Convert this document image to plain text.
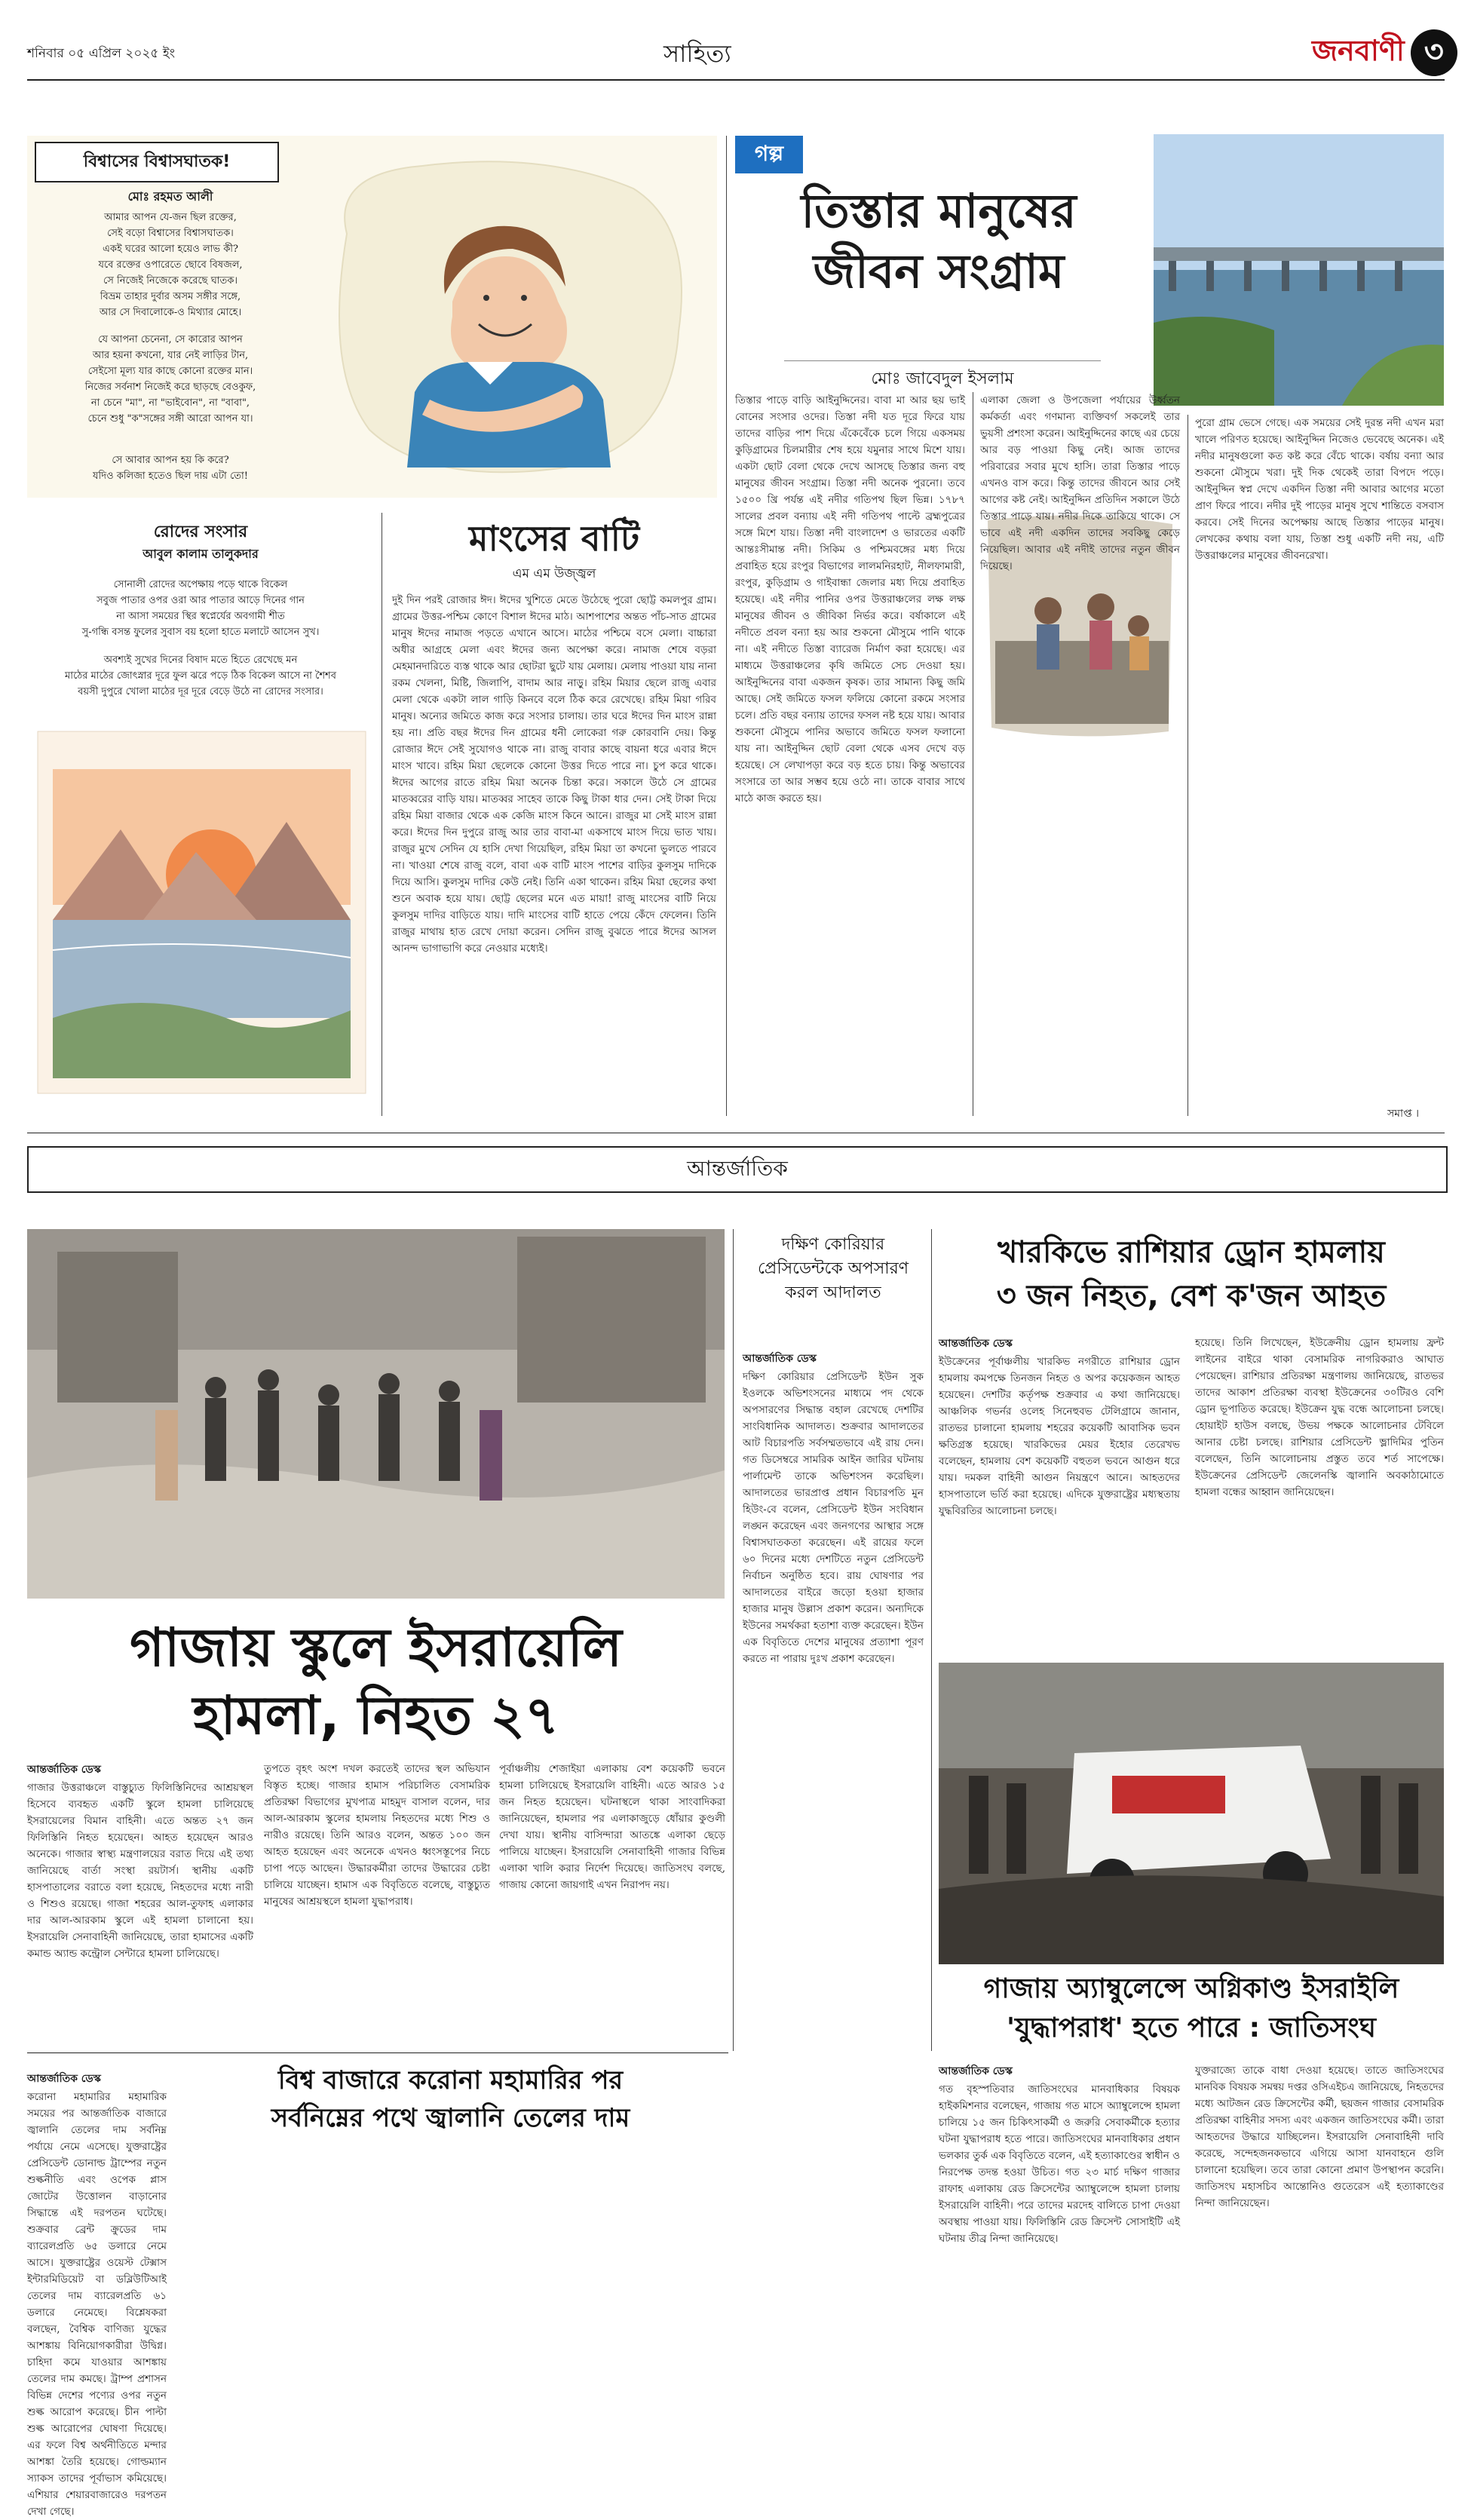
শনিবার ০৫ এপ্রিল ২০২৫ ইং	সাহিত্য	জনবাণী ৩
বিশ্বাসের বিশ্বাসঘাতক!
মোঃ রহমত আলী
আমার আপন যে-জন ছিল রক্তের,
সেই বড়ো বিশ্বাসের বিশ্বাসঘাতক।
একই ঘরের আলো হয়েও লাভ কী?
যবে রক্তের ওপারেতে ছোবে বিষজল,
সে নিজেই নিজেকে করেছে ঘাতক।
বিভ্রম তাহার দুর্বার অসম সঙ্গীর সঙ্গে,
আর সে দিবালোকে-ও মিথ্যার মোহে।
যে আপনা চেনেনা, সে কারোর আপন
আর হয়না কখনো, যার নেই লাড়ির টান,
সেইসো মূল্য যার কাছে কোনো রক্তের মান।
নিজের সর্বনাশ নিজেই করে ছাড়ছে বেওকুফ,
না চেনে "মা", না "ভাইবোন", না "বাবা",
চেনে শুধু "ক"সঙ্গের সঙ্গী আরো আপন যা।
সে আবার আপন হয় কি করে?
যদিও কলিজা হতেও ছিল দায় এটা তো!
রোদের সংসার
আবুল কালাম তালুকদার
সোনালী রোদের অপেক্ষায় পড়ে থাকে বিকেল
সবুজ পাতার ওপর ওরা আর পাতার আড়ে দিনের গান
না আসা সময়ের স্থির স্বপ্নের্যের অবগামী শীত
সু-গন্ধি বসন্ত ফুলের সুবাস বয় হলো হাতে মলাটে আসেন সুখ।
অবশ্যই সুখের দিনের বিষাদ মতে হিতে রেখেছে মন
মাঠের মাঠের জোৎস্নার দূরে ফুল ঝরে পড়ে ঠিক বিকেল আসে না শৈশব
বয়সী দুপুরে খোলা মাঠের দূর দূরে বেড়ে উঠে না রোদের সংসার।
মাংসের বাটি
এম এম উজ্জ্বল
দুই দিন পরই রোজার ঈদ। ঈদের খুশিতে মেতে উঠেছে পুরো ছোট্ট কমলপুর গ্রাম। গ্রামের উত্তর-পশ্চিম কোণে বিশাল ঈদের মাঠ। আশপাশের অন্তত পাঁচ-সাত গ্রামের মানুষ ঈদের নামাজ পড়তে এখানে আসে। মাঠের পশ্চিমে বসে মেলা। বাচ্চারা অধীর আগ্রহে মেলা এবং ঈদের জন্য অপেক্ষা করে। নামাজ শেষে বড়রা মেহমানদারিতে ব্যস্ত থাকে আর ছোটরা ছুটে যায় মেলায়। মেলায় পাওয়া যায় নানা রকম খেলনা, মিষ্টি, জিলাপি, বাদাম আর নাড়ু। রহিম মিয়ার ছেলে রাজু এবার মেলা থেকে একটা লাল গাড়ি কিনবে বলে ঠিক করে রেখেছে। রহিম মিয়া গরিব মানুষ। অন্যের জমিতে কাজ করে সংসার চালায়। তার ঘরে ঈদের দিন মাংস রান্না হয় না। প্রতি বছর ঈদের দিন গ্রামের ধনী লোকেরা গরু কোরবানি দেয়। কিন্তু রোজার ঈদে সেই সুযোগও থাকে না। রাজু বাবার কাছে বায়না ধরে এবার ঈদে মাংস খাবে। রহিম মিয়া ছেলেকে কোনো উত্তর দিতে পারে না। চুপ করে থাকে। ঈদের আগের রাতে রহিম মিয়া অনেক চিন্তা করে। সকালে উঠে সে গ্রামের মাতব্বরের বাড়ি যায়। মাতব্বর সাহেব তাকে কিছু টাকা ধার দেন। সেই টাকা দিয়ে রহিম মিয়া বাজার থেকে এক কেজি মাংস কিনে আনে। রাজুর মা সেই মাংস রান্না করে। ঈদের দিন দুপুরে রাজু আর তার বাবা-মা একসাথে মাংস দিয়ে ভাত খায়। রাজুর মুখে সেদিন যে হাসি দেখা গিয়েছিল, রহিম মিয়া তা কখনো ভুলতে পারবে না। খাওয়া শেষে রাজু বলে, বাবা এক বাটি মাংস পাশের বাড়ির কুলসুম দাদিকে দিয়ে আসি। কুলসুম দাদির কেউ নেই। তিনি একা থাকেন। রহিম মিয়া ছেলের কথা শুনে অবাক হয়ে যায়। ছোট্ট ছেলের মনে এত মায়া! রাজু মাংসের বাটি নিয়ে কুলসুম দাদির বাড়িতে যায়। দাদি মাংসের বাটি হাতে পেয়ে কেঁদে ফেলেন। তিনি রাজুর মাথায় হাত রেখে দোয়া করেন। সেদিন রাজু বুঝতে পারে ঈদের আসল আনন্দ ভাগাভাগি করে নেওয়ার মধ্যেই।
গল্প
তিস্তার মানুষের
জীবন সংগ্রাম
মোঃ জাবেদুল ইসলাম
তিস্তার পাড়ে বাড়ি আইনুদ্দিনের। বাবা মা আর ছয় ভাই বোনের সংসার ওদের। তিস্তা নদী যত দূরে ফিরে যায় তাদের বাড়ির পাশ দিয়ে এঁকেবেঁকে চলে গিয়ে একসময় কুড়িগ্রামের চিলমারীর শেষ হয়ে যমুনার সাথে মিশে যায়। একটা ছোট বেলা থেকে দেখে আসছে তিস্তার জন্য বহু মানুষের জীবন সংগ্রাম। তিস্তা নদী অনেক পুরনো। তবে ১৫০০ খ্রি পর্যন্ত এই নদীর গতিপথ ছিল ভিন্ন। ১৭৮৭ সালের প্রবল বন্যায় এই নদী গতিপথ পাল্টে ব্রহ্মপুত্রের সঙ্গে মিশে যায়। তিস্তা নদী বাংলাদেশ ও ভারতের একটি আন্তঃসীমান্ত নদী। সিকিম ও পশ্চিমবঙ্গের মধ্য দিয়ে প্রবাহিত হয়ে রংপুর বিভাগের লালমনিরহাট, নীলফামারী, রংপুর, কুড়িগ্রাম ও গাইবান্ধা জেলার মধ্য দিয়ে প্রবাহিত হয়েছে। এই নদীর পানির ওপর উত্তরাঞ্চলের লক্ষ লক্ষ মানুষের জীবন ও জীবিকা নির্ভর করে। বর্ষাকালে এই নদীতে প্রবল বন্যা হয় আর শুকনো মৌসুমে পানি থাকে না। এই নদীতে তিস্তা ব্যারেজ নির্মাণ করা হয়েছে। এর মাধ্যমে উত্তরাঞ্চলের কৃষি জমিতে সেচ দেওয়া হয়। আইনুদ্দিনের বাবা একজন কৃষক। তার সামান্য কিছু জমি আছে। সেই জমিতে ফসল ফলিয়ে কোনো রকমে সংসার চলে। প্রতি বছর বন্যায় তাদের ফসল নষ্ট হয়ে যায়। আবার শুকনো মৌসুমে পানির অভাবে জমিতে ফসল ফলানো যায় না। আইনুদ্দিন ছোট বেলা থেকে এসব দেখে বড় হয়েছে। সে লেখাপড়া করে বড় হতে চায়। কিন্তু অভাবের সংসারে তা আর সম্ভব হয়ে ওঠে না। তাকে বাবার সাথে মাঠে কাজ করতে হয়।
এলাকা জেলা ও উপজেলা পর্যায়ের উর্ধ্বতন কর্মকর্তা এবং গণমান্য ব্যক্তিবর্গ সকলেই তার ভুয়সী প্রশংসা করেন। আইনুদ্দিনের কাছে এর চেয়ে আর বড় পাওয়া কিছু নেই। আজ তাদের পরিবারের সবার মুখে হাসি। তারা তিস্তার পাড়ে এখনও বাস করে। কিন্তু তাদের জীবনে আর সেই আগের কষ্ট নেই। আইনুদ্দিন প্রতিদিন সকালে উঠে তিস্তার পাড়ে যায়। নদীর দিকে তাকিয়ে থাকে। সে ভাবে এই নদী একদিন তাদের সবকিছু কেড়ে নিয়েছিল। আবার এই নদীই তাদের নতুন জীবন দিয়েছে।
পুরো গ্রাম ভেসে গেছে। এক সময়ের সেই দুরন্ত নদী এখন মরা খালে পরিণত হয়েছে। আইনুদ্দিন নিজেও ভেবেছে অনেক। এই নদীর মানুষগুলো কত কষ্ট করে বেঁচে থাকে। বর্ষায় বন্যা আর শুকনো মৌসুমে খরা। দুই দিক থেকেই তারা বিপদে পড়ে। আইনুদ্দিন স্বপ্ন দেখে একদিন তিস্তা নদী আবার আগের মতো প্রাণ ফিরে পাবে। নদীর দুই পাড়ের মানুষ সুখে শান্তিতে বসবাস করবে। সেই দিনের অপেক্ষায় আছে তিস্তার পাড়ের মানুষ। লেখকের কথায় বলা যায়, তিস্তা শুধু একটি নদী নয়, এটি উত্তরাঞ্চলের মানুষের জীবনরেখা।
সমাপ্ত ।
আন্তর্জাতিক
গাজায় স্কুলে ইসরায়েলি
হামলা, নিহত ২৭
আন্তর্জাতিক ডেস্ক
গাজার উত্তরাঞ্চলে বাস্তুচ্যুত ফিলিস্তিনিদের আশ্রয়স্থল হিসেবে ব্যবহৃত একটি স্কুলে হামলা চালিয়েছে ইসরায়েলের বিমান বাহিনী। এতে অন্তত ২৭ জন ফিলিস্তিনি নিহত হয়েছেন। আহত হয়েছেন আরও অনেকে। গাজার স্বাস্থ্য মন্ত্রণালয়ের বরাত দিয়ে এই তথ্য জানিয়েছে বার্তা সংস্থা রয়টার্স। স্থানীয় একটি হাসপাতালের বরাতে বলা হয়েছে, নিহতদের মধ্যে নারী ও শিশুও রয়েছে। গাজা শহরের আল-তুফাহ এলাকার দার আল-আরকাম স্কুলে এই হামলা চালানো হয়। ইসরায়েলি সেনাবাহিনী জানিয়েছে, তারা হামাসের একটি কমান্ড অ্যান্ড কন্ট্রোল সেন্টারে হামলা চালিয়েছে।
তুপতে বৃহৎ অংশ দখল করতেই তাদের স্থল অভিযান বিস্তৃত হচ্ছে। গাজার হামাস পরিচালিত বেসামরিক প্রতিরক্ষা বিভাগের মুখপাত্র মাহমুদ বাসাল বলেন, দার আল-আরকাম স্কুলের হামলায় নিহতদের মধ্যে শিশু ও নারীও রয়েছে। তিনি আরও বলেন, অন্তত ১০০ জন আহত হয়েছেন এবং অনেকে এখনও ধ্বংসস্তূপের নিচে চাপা পড়ে আছেন। উদ্ধারকর্মীরা তাদের উদ্ধারের চেষ্টা চালিয়ে যাচ্ছেন। হামাস এক বিবৃতিতে বলেছে, বাস্তুচ্যুত মানুষের আশ্রয়স্থলে হামলা যুদ্ধাপরাধ।
পূর্বাঞ্চলীয় শেজাইয়া এলাকায় বেশ কয়েকটি ভবনে হামলা চালিয়েছে ইসরায়েলি বাহিনী। এতে আরও ১৫ জন নিহত হয়েছেন। ঘটনাস্থলে থাকা সাংবাদিকরা জানিয়েছেন, হামলার পর এলাকাজুড়ে ধোঁয়ার কুণ্ডলী দেখা যায়। স্থানীয় বাসিন্দারা আতঙ্কে এলাকা ছেড়ে পালিয়ে যাচ্ছেন। ইসরায়েলি সেনাবাহিনী গাজার বিভিন্ন এলাকা খালি করার নির্দেশ দিয়েছে। জাতিসংঘ বলছে, গাজায় কোনো জায়গাই এখন নিরাপদ নয়।
দক্ষিণ কোরিয়ার প্রেসিডেন্টকে অপসারণ করল আদালত
আন্তর্জাতিক ডেস্ক
দক্ষিণ কোরিয়ার প্রেসিডেন্ট ইউন সুক ইওলকে অভিশংসনের মাধ্যমে পদ থেকে অপসারণের সিদ্ধান্ত বহাল রেখেছে দেশটির সাংবিধানিক আদালত। শুক্রবার আদালতের আট বিচারপতি সর্বসম্মতভাবে এই রায় দেন। গত ডিসেম্বরে সামরিক আইন জারির ঘটনায় পার্লামেন্ট তাকে অভিশংসন করেছিল। আদালতের ভারপ্রাপ্ত প্রধান বিচারপতি মুন হিউং-বে বলেন, প্রেসিডেন্ট ইউন সংবিধান লঙ্ঘন করেছেন এবং জনগণের আস্থার সঙ্গে বিশ্বাসঘাতকতা করেছেন। এই রায়ের ফলে ৬০ দিনের মধ্যে দেশটিতে নতুন প্রেসিডেন্ট নির্বাচন অনুষ্ঠিত হবে। রায় ঘোষণার পর আদালতের বাইরে জড়ো হওয়া হাজার হাজার মানুষ উল্লাস প্রকাশ করেন। অন্যদিকে ইউনের সমর্থকরা হতাশা ব্যক্ত করেছেন। ইউন এক বিবৃতিতে দেশের মানুষের প্রত্যাশা পূরণ করতে না পারায় দুঃখ প্রকাশ করেছেন।
খারকিভে রাশিয়ার ড্রোন হামলায়
৩ জন নিহত, বেশ ক'জন আহত
আন্তর্জাতিক ডেস্ক
ইউক্রেনের পূর্বাঞ্চলীয় খারকিভ নগরীতে রাশিয়ার ড্রোন হামলায় কমপক্ষে তিনজন নিহত ও অপর কয়েকজন আহত হয়েছেন। দেশটির কর্তৃপক্ষ শুক্রবার এ কথা জানিয়েছে। আঞ্চলিক গভর্নর ওলেহ সিনেহুবভ টেলিগ্রামে জানান, রাতভর চালানো হামলায় শহরের কয়েকটি আবাসিক ভবন ক্ষতিগ্রস্ত হয়েছে। খারকিভের মেয়র ইহোর তেরেখভ বলেছেন, হামলায় বেশ কয়েকটি বহুতল ভবনে আগুন ধরে যায়। দমকল বাহিনী আগুন নিয়ন্ত্রণে আনে। আহতদের হাসপাতালে ভর্তি করা হয়েছে। এদিকে যুক্তরাষ্ট্রের মধ্যস্থতায় যুদ্ধবিরতির আলোচনা চলছে।
হয়েছে। তিনি লিখেছেন, ইউক্রেনীয় ড্রোন হামলায় ফ্রন্ট লাইনের বাইরে থাকা বেসামরিক নাগরিকরাও আঘাত পেয়েছেন। রাশিয়ার প্রতিরক্ষা মন্ত্রণালয় জানিয়েছে, রাতভর তাদের আকাশ প্রতিরক্ষা ব্যবস্থা ইউক্রেনের ৩০টিরও বেশি ড্রোন ভূপাতিত করেছে। ইউক্রেন যুদ্ধ বন্ধে আলোচনা চলছে। হোয়াইট হাউস বলছে, উভয় পক্ষকে আলোচনার টেবিলে আনার চেষ্টা চলছে। রাশিয়ার প্রেসিডেন্ট ভ্লাদিমির পুতিন বলেছেন, তিনি আলোচনায় প্রস্তুত তবে শর্ত সাপেক্ষে। ইউক্রেনের প্রেসিডেন্ট জেলেনস্কি জ্বালানি অবকাঠামোতে হামলা বন্ধের আহ্বান জানিয়েছেন।
গাজায় অ্যাম্বুলেন্সে অগ্নিকাণ্ড ইসরাইলি
'যুদ্ধাপরাধ' হতে পারে : জাতিসংঘ
আন্তর্জাতিক ডেস্ক
গত বৃহস্পতিবার জাতিসংঘের মানবাধিকার বিষয়ক হাইকমিশনার বলেছেন, গাজায় গত মাসে অ্যাম্বুলেন্সে হামলা চালিয়ে ১৫ জন চিকিৎসাকর্মী ও জরুরি সেবাকর্মীকে হত্যার ঘটনা যুদ্ধাপরাধ হতে পারে। জাতিসংঘের মানবাধিকার প্রধান ভলকার তুর্ক এক বিবৃতিতে বলেন, এই হত্যাকাণ্ডের স্বাধীন ও নিরপেক্ষ তদন্ত হওয়া উচিত। গত ২৩ মার্চ দক্ষিণ গাজার রাফাহ এলাকায় রেড ক্রিসেন্টের অ্যাম্বুলেন্সে হামলা চালায় ইসরায়েলি বাহিনী। পরে তাদের মরদেহ বালিতে চাপা দেওয়া অবস্থায় পাওয়া যায়। ফিলিস্তিনি রেড ক্রিসেন্ট সোসাইটি এই ঘটনায় তীব্র নিন্দা জানিয়েছে।
যুক্তরাজ্যে তাকে বাধা দেওয়া হয়েছে। তাতে জাতিসংঘের মানবিক বিষয়ক সমন্বয় দপ্তর ওসিএইচএ জানিয়েছে, নিহতদের মধ্যে আটজন রেড ক্রিসেন্টের কর্মী, ছয়জন গাজার বেসামরিক প্রতিরক্ষা বাহিনীর সদস্য এবং একজন জাতিসংঘের কর্মী। তারা আহতদের উদ্ধারে যাচ্ছিলেন। ইসরায়েলি সেনাবাহিনী দাবি করেছে, সন্দেহজনকভাবে এগিয়ে আসা যানবাহনে গুলি চালানো হয়েছিল। তবে তারা কোনো প্রমাণ উপস্থাপন করেনি। জাতিসংঘ মহাসচিব আন্তোনিও গুতেরেস এই হত্যাকাণ্ডের নিন্দা জানিয়েছেন।
আন্তর্জাতিক ডেস্ক	বিশ্ব বাজারে করোনা মহামারির পর
সর্বনিম্নের পথে জ্বালানি তেলের দাম
করোনা মহামারির মহামারিক সময়ের পর আন্তর্জাতিক বাজারে জ্বালানি তেলের দাম সর্বনিম্ন পর্যায়ে নেমে এসেছে। যুক্তরাষ্ট্রের প্রেসিডেন্ট ডোনাল্ড ট্রাম্পের নতুন শুল্কনীতি এবং ওপেক প্লাস জোটের উত্তোলন বাড়ানোর সিদ্ধান্তে এই দরপতন ঘটেছে। শুক্রবার ব্রেন্ট ক্রুডের দাম ব্যারেলপ্রতি ৬৫ ডলারে নেমে আসে। যুক্তরাষ্ট্রের ওয়েস্ট টেক্সাস ইন্টারমিডিয়েট বা ডব্লিউটিআই তেলের দাম ব্যারেলপ্রতি ৬১ ডলারে নেমেছে। বিশ্লেষকরা বলছেন, বৈশ্বিক বাণিজ্য যুদ্ধের আশঙ্কায় বিনিয়োগকারীরা উদ্বিগ্ন। চাহিদা কমে যাওয়ার আশঙ্কায় তেলের দাম কমছে। ট্রাম্প প্রশাসন বিভিন্ন দেশের পণ্যের ওপর নতুন শুল্ক আরোপ করেছে। চীন পাল্টা শুল্ক আরোপের ঘোষণা দিয়েছে। এর ফলে বিশ্ব অর্থনীতিতে মন্দার আশঙ্কা তৈরি হয়েছে। গোল্ডম্যান স্যাকস তাদের পূর্বাভাস কমিয়েছে। এশিয়ার শেয়ারবাজারেও দরপতন দেখা গেছে।
